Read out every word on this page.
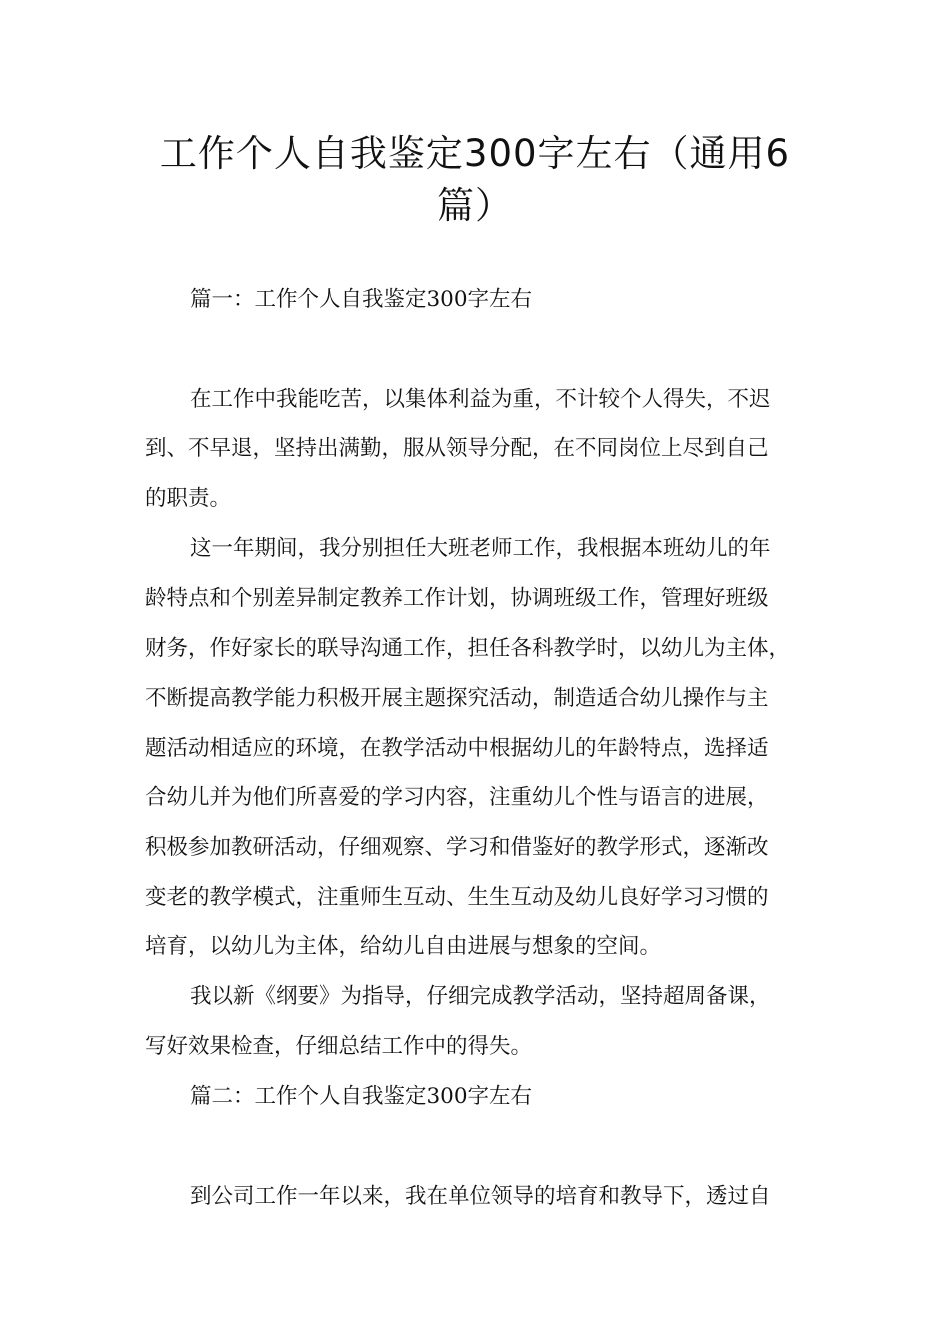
工作个人自我鉴定300字左右（通用6
篇）

篇一：工作个人自我鉴定300字左右

在工作中我能吃苦，以集体利益为重，不计较个人得失，不迟

到、不早退，坚持出满勤，服从领导分配，在不同岗位上尽到自己

的职责。

这一年期间，我分别担任大班老师工作，我根据本班幼儿的年

龄特点和个别差异制定教养工作计划，协调班级工作，管理好班级

财务，作好家长的联导沟通工作，担任各科教学时，以幼儿为主体，

不断提高教学能力积极开展主题探究活动，制造适合幼儿操作与主

题活动相适应的环境，在教学活动中根据幼儿的年龄特点，选择适

合幼儿并为他们所喜爱的学习内容，注重幼儿个性与语言的进展，

积极参加教研活动，仔细观察、学习和借鉴好的教学形式，逐渐改

变老的教学模式，注重师生互动、生生互动及幼儿良好学习习惯的

培育，以幼儿为主体，给幼儿自由进展与想象的空间。

我以新《纲要》为指导，仔细完成教学活动，坚持超周备课，

写好效果检查，仔细总结工作中的得失。

篇二：工作个人自我鉴定300字左右

到公司工作一年以来，我在单位领导的培育和教导下，透过自
